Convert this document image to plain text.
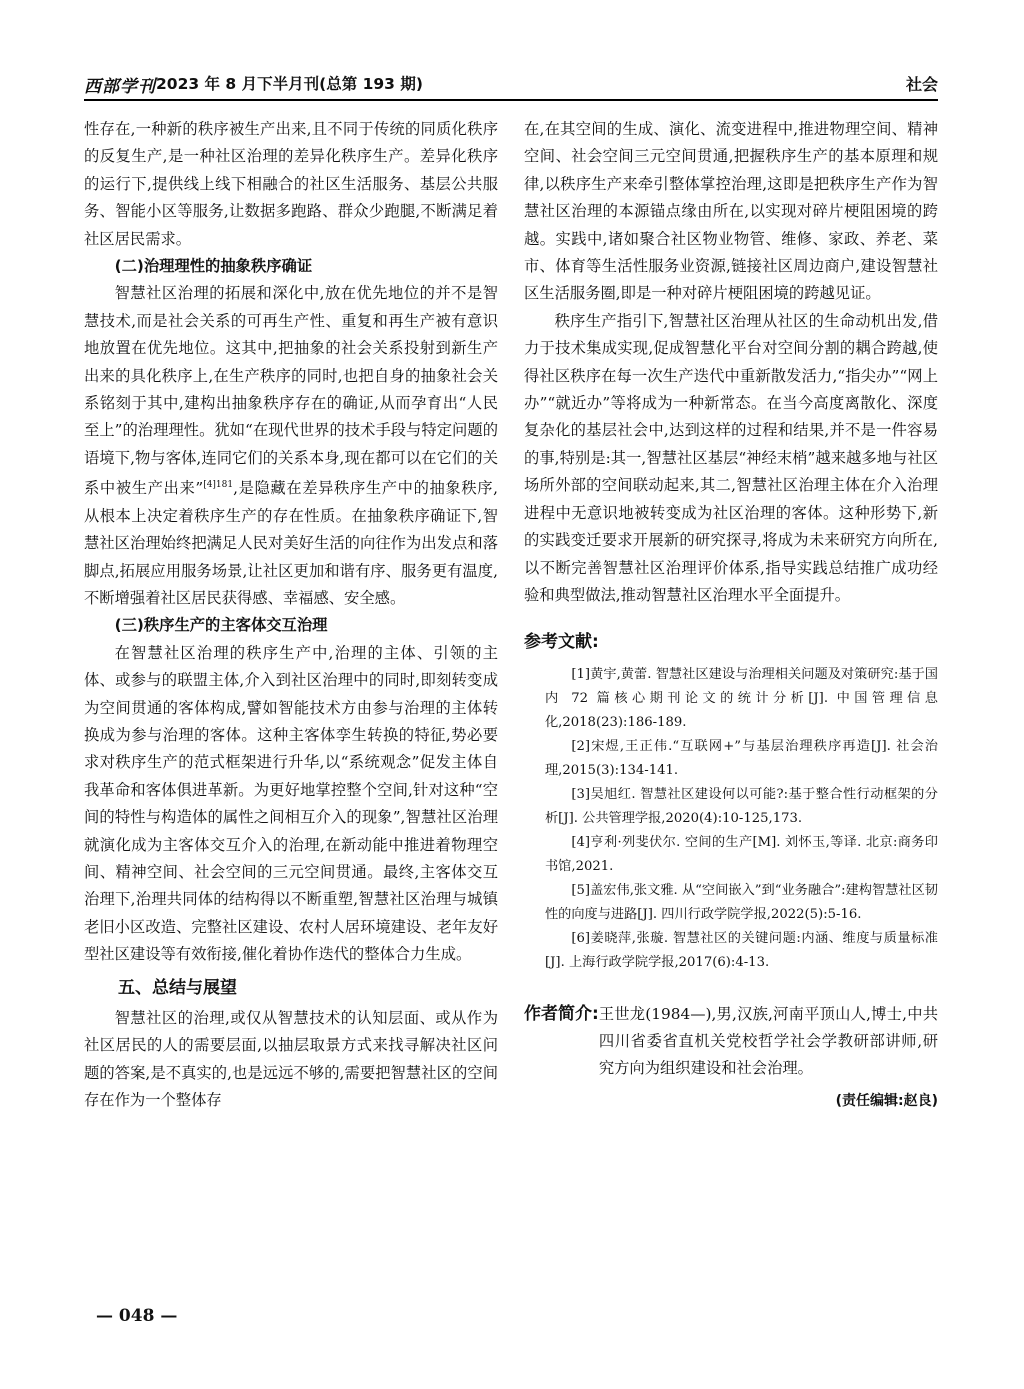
西部学刊 2023 年 8 月下半月刊(总第 193 期)	社会

性存在,一种新的秩序被生产出来,且不同于传统的同质化秩序的反复生产,是一种社区治理的差异化秩序生产。差异化秩序的运行下,提供线上线下相融合的社区生活服务、基层公共服务、智能小区等服务,让数据多跑路、群众少跑腿,不断满足着社区居民需求。

(二)治理理性的抽象秩序确证

智慧社区治理的拓展和深化中,放在优先地位的并不是智慧技术,而是社会关系的可再生产性、重复和再生产被有意识地放置在优先地位。这其中,把抽象的社会关系投射到新生产出来的具化秩序上,在生产秩序的同时,也把自身的抽象社会关系铭刻于其中,建构出抽象秩序存在的确证,从而孕育出“人民至上”的治理理性。犹如“在现代世界的技术手段与特定问题的语境下,物与客体,连同它们的关系本身,现在都可以在它们的关系中被生产出来”$^{[4]181}$,是隐藏在差异秩序生产中的抽象秩序,从根本上决定着秩序生产的存在性质。在抽象秩序确证下,智慧社区治理始终把满足人民对美好生活的向往作为出发点和落脚点,拓展应用服务场景,让社区更加和谐有序、服务更有温度,不断增强着社区居民获得感、幸福感、安全感。

(三)秩序生产的主客体交互治理

在智慧社区治理的秩序生产中,治理的主体、引领的主体、或参与的联盟主体,介入到社区治理中的同时,即刻转变成为空间贯通的客体构成,譬如智能技术方由参与治理的主体转换成为参与治理的客体。这种主客体孪生转换的特征,势必要求对秩序生产的范式框架进行升华,以“系统观念”促发主体自我革命和客体俱进革新。为更好地掌控整个空间,针对这种“空间的特性与构造体的属性之间相互介入的现象”,智慧社区治理就演化成为主客体交互介入的治理,在新动能中推进着物理空间、精神空间、社会空间的三元空间贯通。最终,主客体交互治理下,治理共同体的结构得以不断重塑,智慧社区治理与城镇老旧小区改造、完整社区建设、农村人居环境建设、老年友好型社区建设等有效衔接,催化着协作迭代的整体合力生成。

五、总结与展望

智慧社区的治理,或仅从智慧技术的认知层面、或从作为社区居民的人的需要层面,以抽层取景方式来找寻解决社区问题的答案,是不真实的,也是远远不够的,需要把智慧社区的空间存在作为一个整体存

在,在其空间的生成、演化、流变进程中,推进物理空间、精神空间、社会空间三元空间贯通,把握秩序生产的基本原理和规律,以秩序生产来牵引整体掌控治理,这即是把秩序生产作为智慧社区治理的本源锚点缘由所在,以实现对碎片梗阻困境的跨越。实践中,诸如聚合社区物业物管、维修、家政、养老、菜市、体育等生活性服务业资源,链接社区周边商户,建设智慧社区生活服务圈,即是一种对碎片梗阻困境的跨越见证。

秩序生产指引下,智慧社区治理从社区的生命动机出发,借力于技术集成实现,促成智慧化平台对空间分割的耦合跨越,使得社区秩序在每一次生产迭代中重新散发活力,“指尖办”“网上办”“就近办”等将成为一种新常态。在当今高度离散化、深度复杂化的基层社会中,达到这样的过程和结果,并不是一件容易的事,特别是:其一,智慧社区基层“神经末梢”越来越多地与社区场所外部的空间联动起来,其二,智慧社区治理主体在介入治理进程中无意识地被转变成为社区治理的客体。这种形势下,新的实践变迁要求开展新的研究探寻,将成为未来研究方向所在,以不断完善智慧社区治理评价体系,指导实践总结推广成功经验和典型做法,推动智慧社区治理水平全面提升。

参考文献:

[1]黄宇,黄蕾. 智慧社区建设与治理相关问题及对策研究:基于国内 72 篇核心期刊论文的统计分析[J]. 中国管理信息化,2018(23):186-189.

[2]宋煜,王正伟.“互联网+”与基层治理秩序再造[J]. 社会治理,2015(3):134-141.

[3]吴旭红. 智慧社区建设何以可能?:基于整合性行动框架的分析[J]. 公共管理学报,2020(4):10-125,173.

[4]亨利·列斐伏尔. 空间的生产[M]. 刘怀玉,等译. 北京:商务印书馆,2021.

[5]盖宏伟,张文雅. 从“空间嵌入”到“业务融合”:建构智慧社区韧性的向度与进路[J]. 四川行政学院学报,2022(5):5-16.

[6]姜晓萍,张璇. 智慧社区的关键问题:内涵、维度与质量标准[J]. 上海行政学院学报,2017(6):4-13.

作者简介: 王世龙(1984—),男,汉族,河南平顶山人,博士,中共四川省委省直机关党校哲学社会学教研部讲师,研究方向为组织建设和社会治理。
(责任编辑:赵良)
— 048 —
